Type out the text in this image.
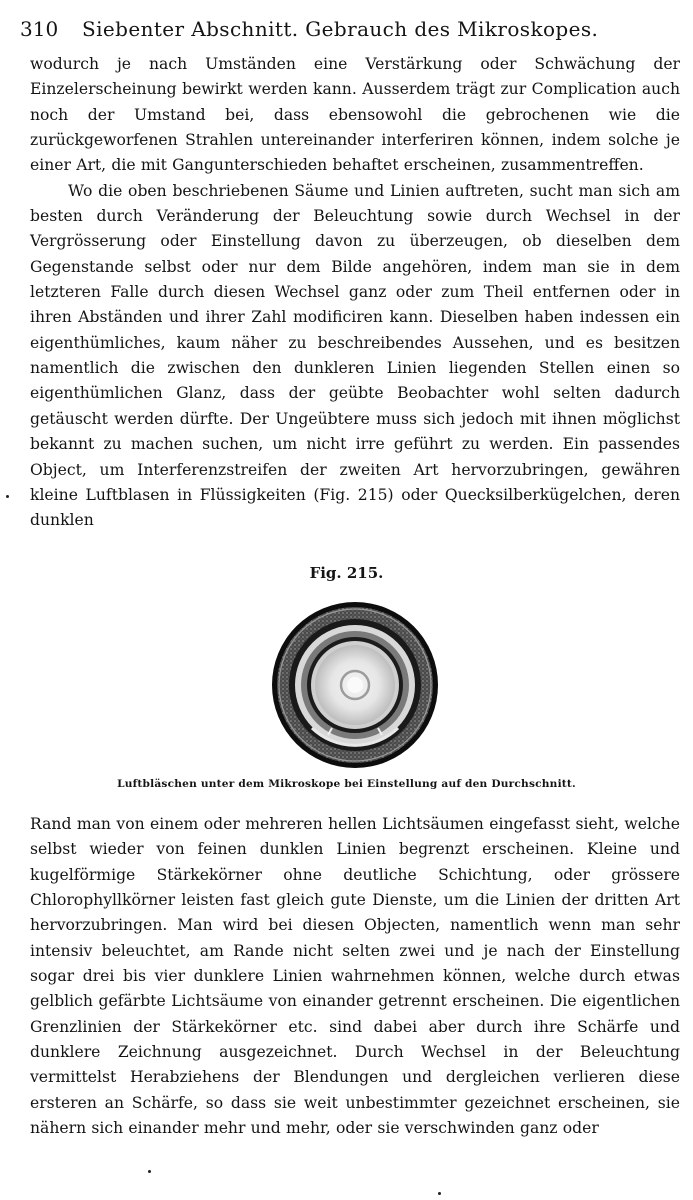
310 Siebenter Abschnitt. Gebrauch des Mikroskopes.

wodurch je nach Umständen eine Verstärkung oder Schwächung der Einzelerscheinung bewirkt werden kann. Ausserdem trägt zur Complication auch noch der Umstand bei, dass ebensowohl die gebrochenen wie die zurückgeworfenen Strahlen untereinander interferiren können, indem solche je einer Art, die mit Gangunterschieden behaftet erscheinen, zusammentreffen.

Wo die oben beschriebenen Säume und Linien auftreten, sucht man sich am besten durch Veränderung der Beleuchtung sowie durch Wechsel in der Vergrösserung oder Einstellung davon zu überzeugen, ob dieselben dem Gegenstande selbst oder nur dem Bilde angehören, indem man sie in dem letzteren Falle durch diesen Wechsel ganz oder zum Theil entfernen oder in ihren Abständen und ihrer Zahl modificiren kann. Dieselben haben indessen ein eigenthümliches, kaum näher zu beschreibendes Aussehen, und es besitzen namentlich die zwischen den dunkleren Linien liegenden Stellen einen so eigenthümlichen Glanz, dass der geübte Beobachter wohl selten dadurch getäuscht werden dürfte. Der Ungeübtere muss sich jedoch mit ihnen möglichst bekannt zu machen suchen, um nicht irre geführt zu werden. Ein passendes Object, um Interferenzstreifen der zweiten Art hervorzubringen, gewähren kleine Luftblasen in Flüssigkeiten (Fig. 215) oder Quecksilberkügelchen, deren dunklen

Fig. 215.
Luftbläschen unter dem Mikroskope bei Einstellung auf den Durchschnitt.

Rand man von einem oder mehreren hellen Lichtsäumen eingefasst sieht, welche selbst wieder von feinen dunklen Linien begrenzt erscheinen. Kleine und kugelförmige Stärkekörner ohne deutliche Schichtung, oder grössere Chlorophyllkörner leisten fast gleich gute Dienste, um die Linien der dritten Art hervorzubringen. Man wird bei diesen Objecten, namentlich wenn man sehr intensiv beleuchtet, am Rande nicht selten zwei und je nach der Einstellung sogar drei bis vier dunklere Linien wahrnehmen können, welche durch etwas gelblich gefärbte Lichtsäume von einander getrennt erscheinen. Die eigentlichen Grenzlinien der Stärkekörner etc. sind dabei aber durch ihre Schärfe und dunklere Zeichnung ausgezeichnet. Durch Wechsel in der Beleuchtung vermittelst Herabziehens der Blendungen und dergleichen verlieren diese ersteren an Schärfe, so dass sie weit unbestimmter gezeichnet erscheinen, sie nähern sich einander mehr und mehr, oder sie verschwinden ganz oder
